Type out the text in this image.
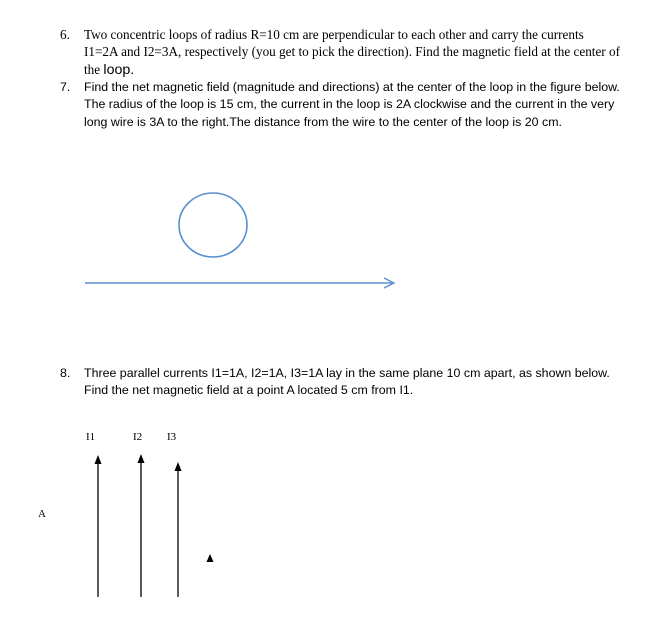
6.	Two concentric loops of radius R=10 cm are perpendicular to each other and carry the currents I1=2A and I2=3A, respectively (you get to pick the direction). Find the magnetic field at the center of the loop.
7.	Find the net magnetic field (magnitude and directions) at the center of the loop in the figure below. The radius of the loop is 15 cm, the current in the loop is 2A clockwise and the current in the very long wire is 3A to the right.The distance from the wire to the center of the loop is 20 cm.
8.	Three parallel currents I1=1A, I2=1A, I3=1A lay in the same plane 10 cm apart, as shown below. Find the net magnetic field at a point A located 5 cm from I1.
I1	I2 I3
A
